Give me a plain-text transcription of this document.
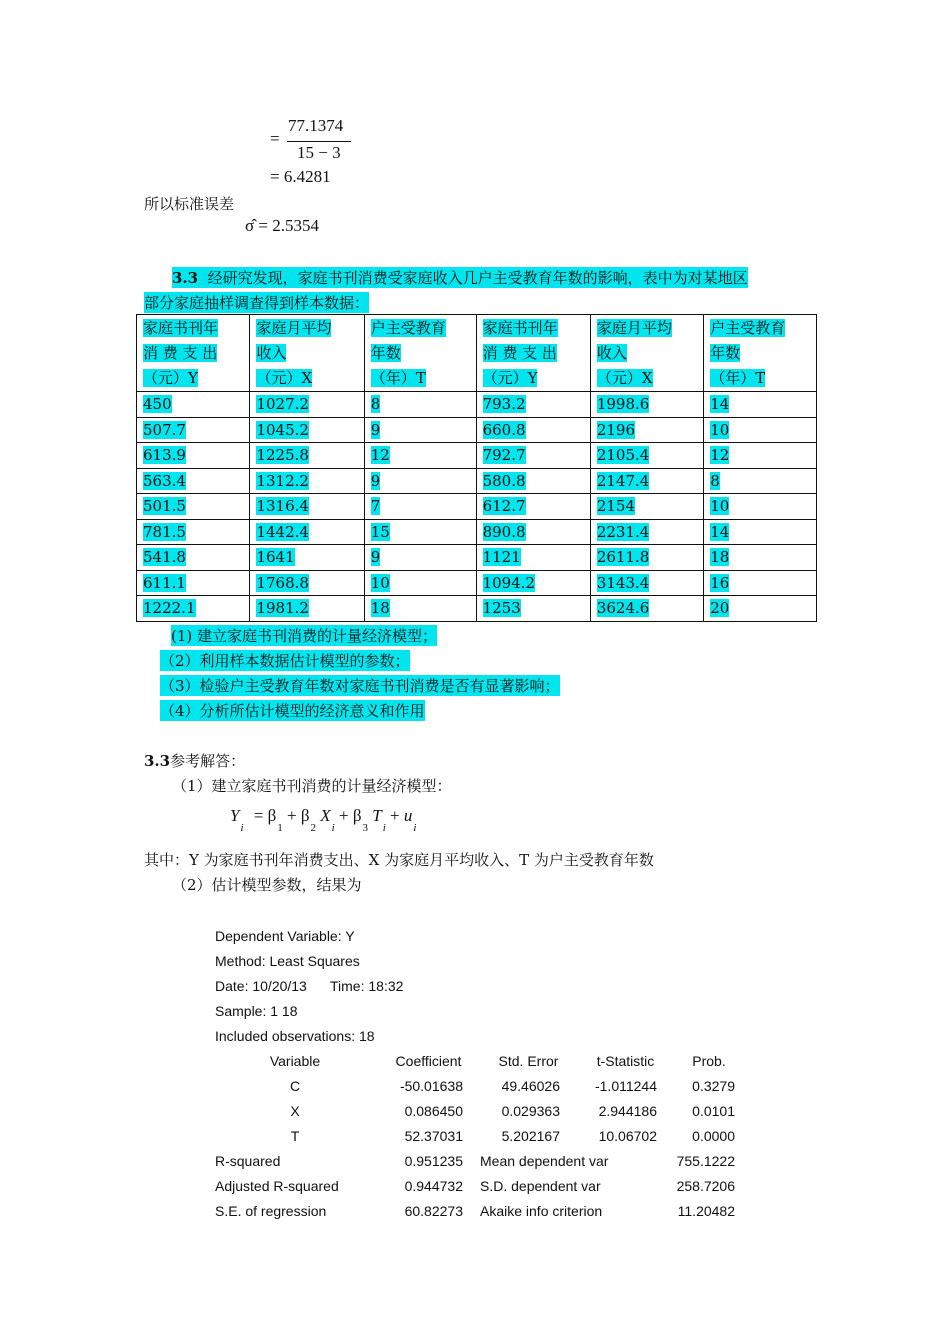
=
77.1374
15 − 3
= 6.4281
所以标准误差
σ̂ = 2.5354
3.3 经研究发现，家庭书刊消费受家庭收入几户主受教育年数的影响，表中为对某地区
部分家庭抽样调查得到样本数据：
家庭书刊年
消 费 支 出
（元）Y	家庭月平均
收入
（元）X	户主受教育
年数
（年）T	家庭书刊年
消 费 支 出
（元）Y	家庭月平均
收入
（元）X	户主受教育
年数
（年）T
450	1027.2	8	793.2	1998.6	14
507.7	1045.2	9	660.8	2196	10
613.9	1225.8	12	792.7	2105.4	12
563.4	1312.2	9	580.8	2147.4	8
501.5	1316.4	7	612.7	2154	10
781.5	1442.4	15	890.8	2231.4	14
541.8	1641	9	1121	2611.8	18
611.1	1768.8	10	1094.2	3143.4	16
1222.1	1981.2	18	1253	3624.6	20
(1) 建立家庭书刊消费的计量经济模型；
（2）利用样本数据估计模型的参数；
（3）检验户主受教育年数对家庭书刊消费是否有显著影响；
（4）分析所估计模型的经济意义和作用
3.3参考解答：
（1）建立家庭书刊消费的计量经济模型：
$Y_i = \beta_1 + \beta_2$ $X_i + \beta_3$ $T_i + u_i$
其中：Y 为家庭书刊年消费支出、X 为家庭月平均收入、T 为户主受教育年数
（2）估计模型参数，结果为
Dependent Variable: Y
Method: Least Squares
Date: 10/20/13 Time: 18:32
Sample: 1 18
Included observations: 18
Variable	Coefficient	Std. Error	t-Statistic	Prob.
C	-50.01638	49.46026	-1.011244	0.3279
X	0.086450	0.029363	2.944186	0.0101
T	52.37031	5.202167	10.06702	0.0000
R-squared	0.951235 Mean dependent var	755.1222
Adjusted R-squared	0.944732 S.D. dependent var	258.7206
S.E. of regression	60.82273 Akaike info criterion	11.20482
